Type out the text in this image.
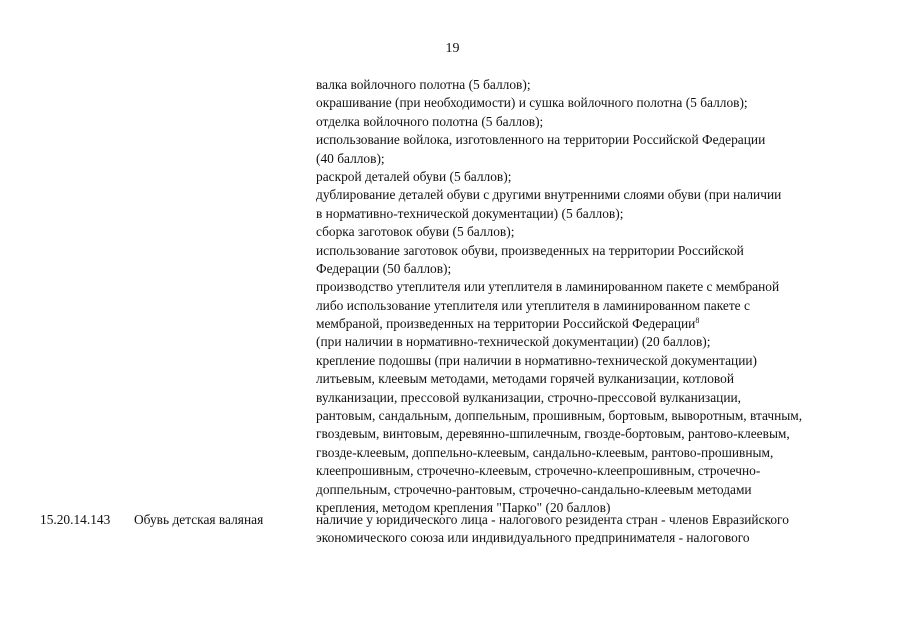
19
валка войлочного полотна (5 баллов);
окрашивание (при необходимости) и сушка войлочного полотна (5 баллов);
отделка войлочного полотна (5 баллов);
использование войлока, изготовленного на территории Российской Федерации
(40 баллов);
раскрой деталей обуви (5 баллов);
дублирование деталей обуви с другими внутренними слоями обуви (при наличии
в нормативно-технической документации) (5 баллов);
сборка заготовок обуви (5 баллов);
использование заготовок обуви, произведенных на территории Российской
Федерации (50 баллов);
производство утеплителя или утеплителя в ламинированном пакете с мембраной
либо использование утеплителя или утеплителя в ламинированном пакете с
мембраной, произведенных на территории Российской Федерации$^8$
(при наличии в нормативно-технической документации) (20 баллов);
крепление подошвы (при наличии в нормативно-технической документации)
литьевым, клеевым методами, методами горячей вулканизации, котловой
вулканизации, прессовой вулканизации, строчно-прессовой вулканизации,
рантовым, сандальным, доппельным, прошивным, бортовым, выворотным, втачным,
гвоздевым, винтовым, деревянно-шпилечным, гвозде-бортовым, рантово-клеевым,
гвозде-клеевым, доппельно-клеевым, сандально-клеевым, рантово-прошивным,
клеепрошивным, строчечно-клеевым, строчечно-клеепрошивным, строчечно-
доппельным, строчечно-рантовым, строчечно-сандально-клеевым методами
крепления, методом крепления "Парко" (20 баллов)
15.20.14.143 Обувь детская валяная	наличие у юридического лица - налогового резидента стран - членов Евразийского
экономического союза или индивидуального предпринимателя - налогового
